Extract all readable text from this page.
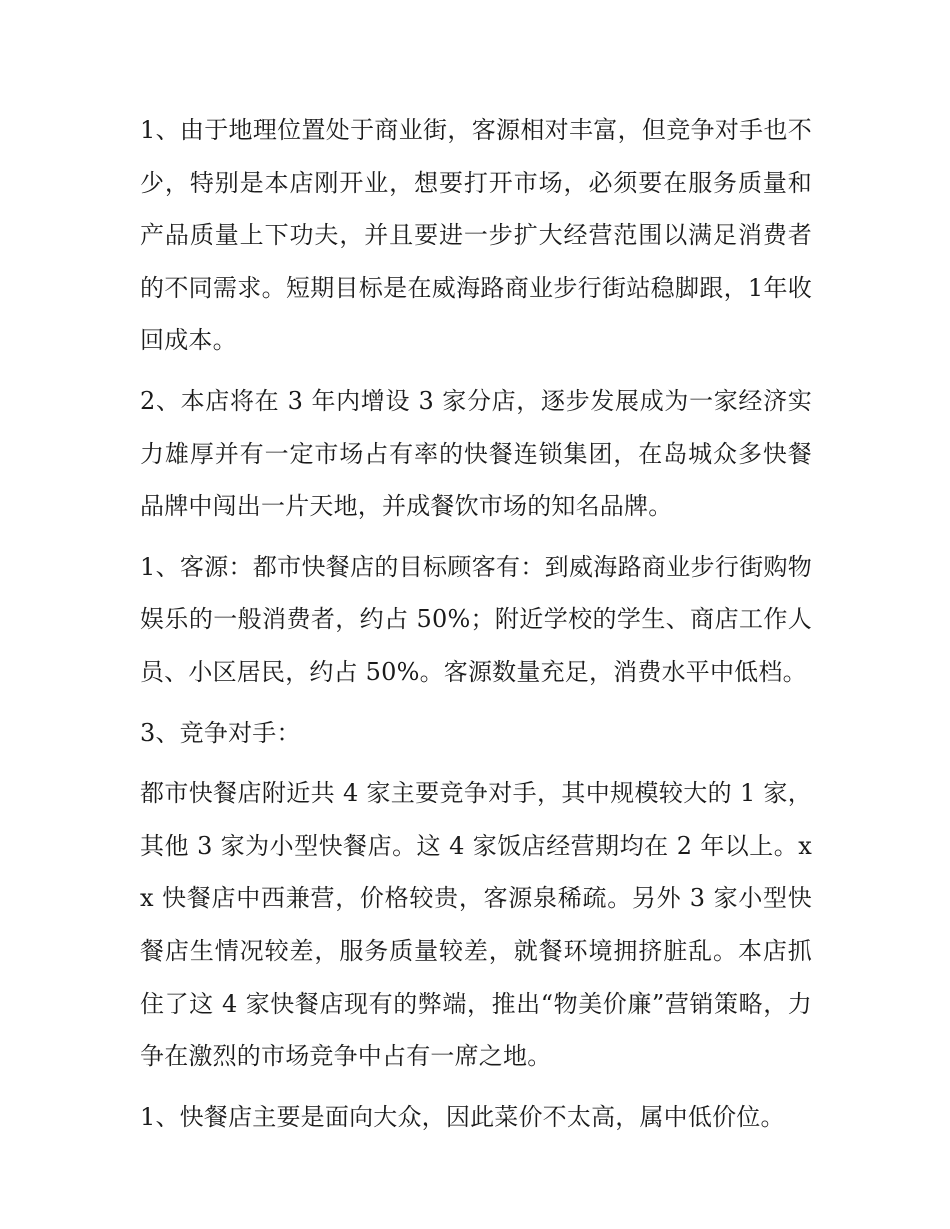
1、由于地理位置处于商业街，客源相对丰富，但竞争对手也不少，特别是本店刚开业，想要打开市场，必须要在服务质量和产品质量上下功夫，并且要进一步扩大经营范围以满足消费者的不同需求。短期目标是在威海路商业步行街站稳脚跟，1年收回成本。

2、本店将在 3 年内增设 3 家分店，逐步发展成为一家经济实力雄厚并有一定市场占有率的快餐连锁集团，在岛城众多快餐品牌中闯出一片天地，并成餐饮市场的知名品牌。

1、客源：都市快餐店的目标顾客有：到威海路商业步行街购物娱乐的一般消费者，约占 50%；附近学校的学生、商店工作人员、小区居民，约占 50%。客源数量充足，消费水平中低档。

3、竞争对手：

都市快餐店附近共 4 家主要竞争对手，其中规模较大的 1 家，其他 3 家为小型快餐店。这 4 家饭店经营期均在 2 年以上。xx 快餐店中西兼营，价格较贵，客源泉稀疏。另外 3 家小型快餐店生情况较差，服务质量较差，就餐环境拥挤脏乱。本店抓住了这 4 家快餐店现有的弊端，推出“物美价廉”营销策略，力争在激烈的市场竞争中占有一席之地。

1、快餐店主要是面向大众，因此菜价不太高，属中低价位。
